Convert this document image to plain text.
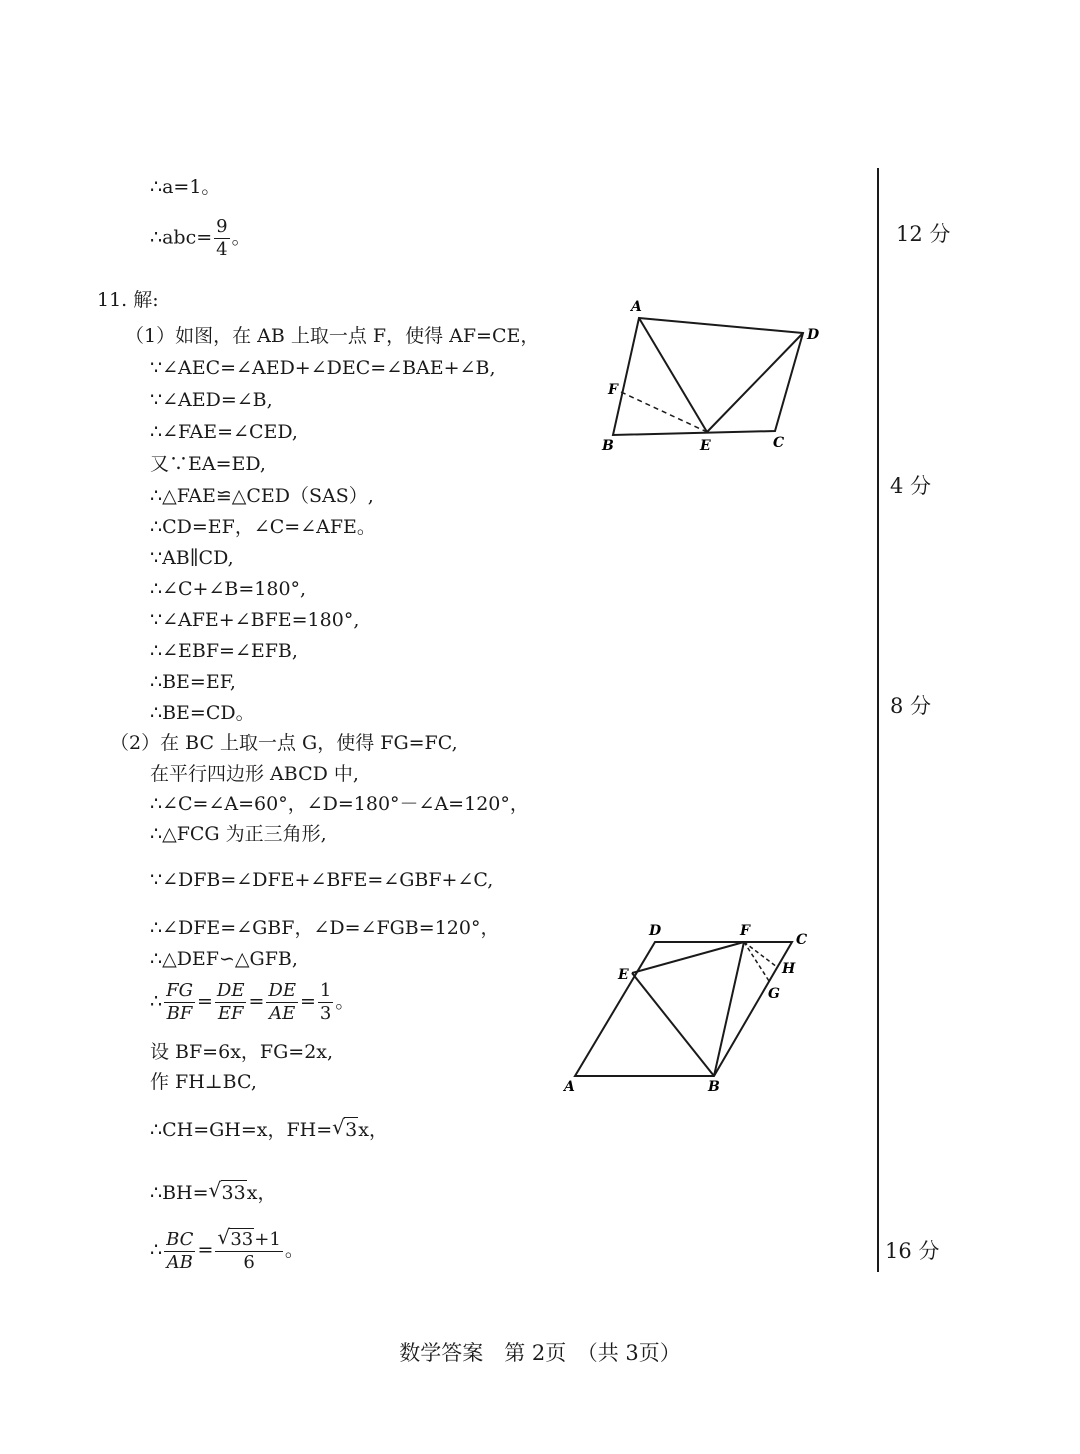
∴a=1。
∴abc= $\frac{9}{4}$ 。
11. 解:
（1）如图，在 AB 上取一点 F，使得 AF=CE，
∵∠AEC=∠AED+∠DEC=∠BAE+∠B,
∵∠AED=∠B,
∴∠FAE=∠CED,
又∵EA=ED,
∴△FAE≌△CED（SAS）,
∴CD=EF，∠C=∠AFE。
∵AB∥CD,
∴∠C+∠B=180°,
∵∠AFE+∠BFE=180°,
∴∠EBF=∠EFB,
∴BE=EF,
∴BE=CD。
（2）在 BC 上取一点 G，使得 FG=FC,
在平行四边形 ABCD 中,
∴∠C=∠A=60°，∠D=180°－∠A=120°，
∴△FCG 为正三角形,
∵∠DFB=∠DFE+∠BFE=∠GBF+∠C,
∴∠DFE=∠GBF，∠D=∠FGB=120°，
∴△DEF∽△GFB,
∴ $\frac{FG}{BF} = \frac{DE}{EF} = \frac{DE}{AE} = \frac{1}{3}$ 。
设 BF=6x，FG=2x,
作 FH⊥BC,
∴CH=GH=x，FH= √ 3x，
∴BH= √ 33x，
∴ $\frac{BC}{AB}$ = √ $\frac{33+1}{6}$ 。
A
D
F
B	E	C
D	F
C
E	H
G
A	B
12 分
4 分
8 分
16 分
数学答案　第 2页　（共 3页）
